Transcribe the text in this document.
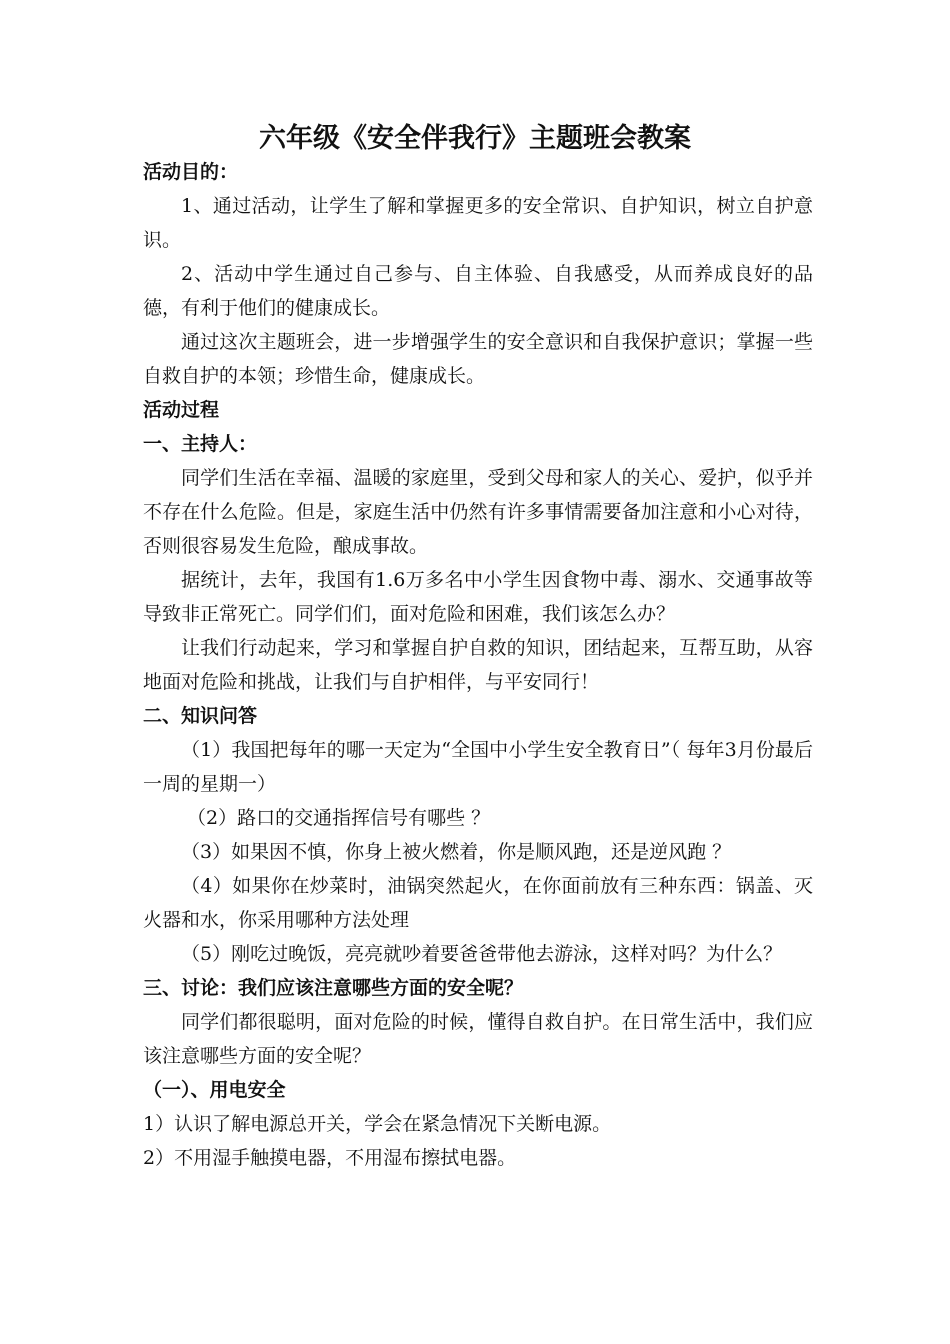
六年级《安全伴我行》主题班会教案

活动目的：

1、通过活动，让学生了解和掌握更多的安全常识、自护知识，树立自护意识。

2、活动中学生通过自己参与、自主体验、自我感受，从而养成良好的品德，有利于他们的健康成长。

通过这次主题班会，进一步增强学生的安全意识和自我保护意识；掌握一些自救自护的本领；珍惜生命，健康成长。

活动过程

一、主持人：

同学们生活在幸福、温暖的家庭里，受到父母和家人的关心、爱护，似乎并不存在什么危险。但是，家庭生活中仍然有许多事情需要备加注意和小心对待，否则很容易发生危险，酿成事故。

据统计，去年，我国有1.6万多名中小学生因食物中毒、溺水、交通事故等导致非正常死亡。同学们们，面对危险和困难，我们该怎么办？

让我们行动起来，学习和掌握自护自救的知识，团结起来，互帮互助，从容地面对危险和挑战，让我们与自护相伴，与平安同行！

二、知识问答

（1）我国把每年的哪一天定为“全国中小学生安全教育日”（ 每年3月份最后一周的星期一）

（2）路口的交通指挥信号有哪些 ？

（3）如果因不慎，你身上被火燃着，你是顺风跑，还是逆风跑 ？

（4）如果你在炒菜时，油锅突然起火，在你面前放有三种东西：锅盖、灭火器和水，你采用哪种方法处理

（5）刚吃过晚饭，亮亮就吵着要爸爸带他去游泳，这样对吗？为什么？

三、讨论：我们应该注意哪些方面的安全呢？

同学们都很聪明，面对危险的时候，懂得自救自护。在日常生活中，我们应该注意哪些方面的安全呢？

（一）、用电安全

1）认识了解电源总开关，学会在紧急情况下关断电源。

2）不用湿手触摸电器，不用湿布擦拭电器。
